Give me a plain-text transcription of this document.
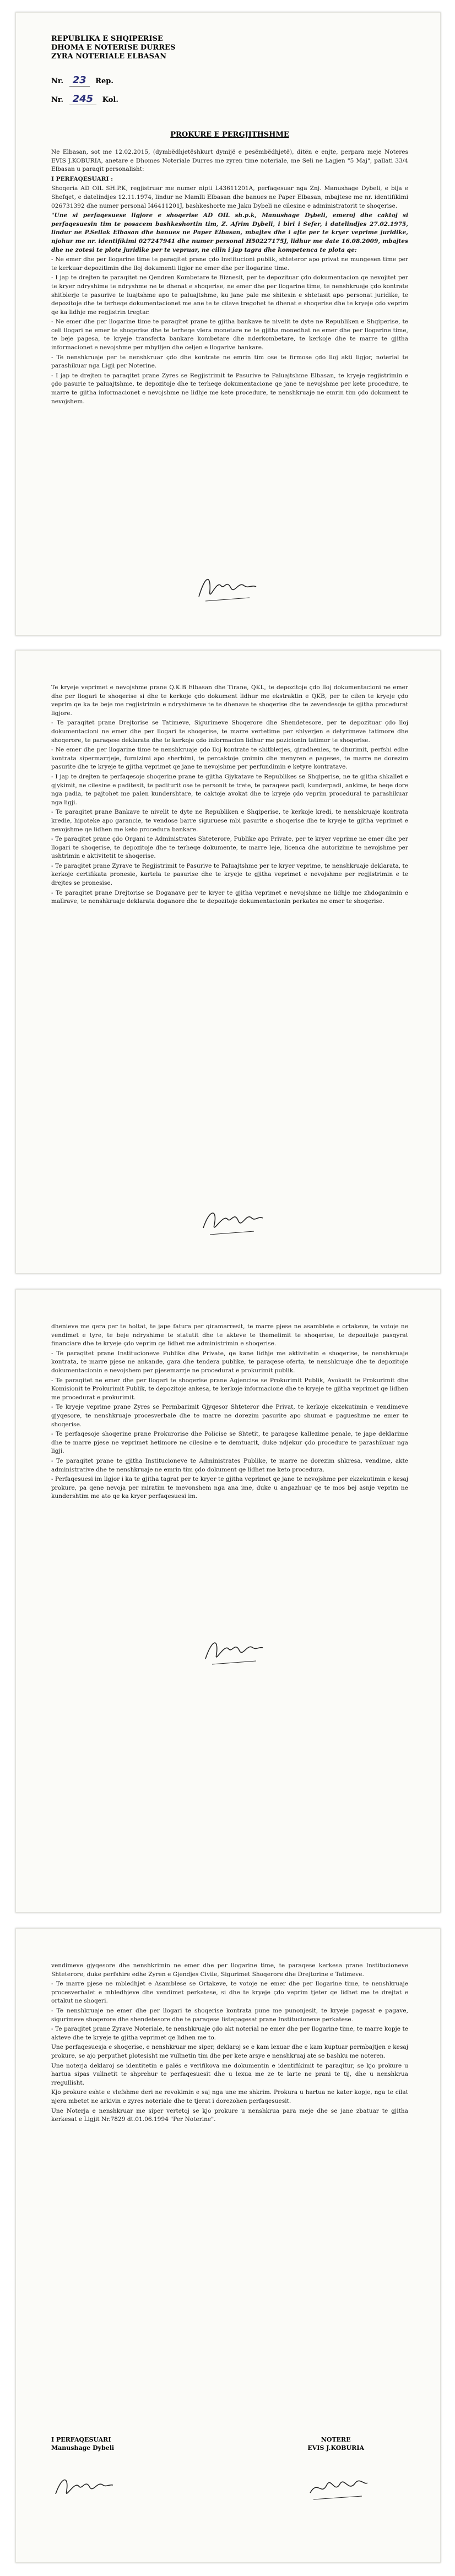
REPUBLIKA E SHQIPERISE
DHOMA E NOTERISE DURRES
ZYRA NOTERIALE ELBASAN
Nr. 23 Rep.
Nr. 245 Kol.
PROKURE E PERGJITHSHME

Ne Elbasan, sot me 12.02.2015, (dymbëdhjetëshkurt dymijë e pesëmbëdhjetë), ditën e enjte, perpara meje Noteres EVIS J.KOBURIA, anetare e Dhomes Noteriale Durres me zyren time noteriale, me Seli ne Lagjen "5 Maj", pallati 33/4 Elbasan u paraqit personalisht:

I PERFAQESUARI :

Shoqeria AD OIL SH.P.K, regjistruar me numer nipti L43611201A, perfaqesuar nga Znj. Manushage Dybeli, e bija e Shefqet, e datelindjes 12.11.1974, lindur ne Mamlli Elbasan dhe banues ne Paper Elbasan, mbajtese me nr. identifikimi 026731392 dhe numer personal I46411201J, bashkeshorte me Jaku Dybeli ne cilesine e administratorit te shoqerise.

"Une si perfaqesuese ligjore e shoqerise AD OIL sh.p.k, Manushage Dybeli, emeroj dhe caktoj si perfaqesuesin tim te posacem bashkeshortin tim, Z. Afrim Dybeli, i biri i Sefer, i datelindjes 27.02.1975, lindur ne P.Sellak Elbasan dhe banues ne Paper Elbasan, mbajtes dhe i afte per te kryer veprime juridike, njohur me nr. identifikimi 027247941 dhe numer personal H50227175J, lidhur me date 16.08.2009, mbajtes dhe ne zotesi te plote juridike per te vepruar, ne cilin i jap tagra dhe kompetenca te plota qe:

- Ne emer dhe per llogarine time te paraqitet prane çdo Institucioni publik, shteteror apo privat ne mungesen time per te kerkuar depozitimin dhe lloj dokumenti ligjor ne emer dhe per llogarine time.

- I jap te drejten te paraqitet ne Qendren Kombetare te Biznesit, per te depozituar çdo dokumentacion qe nevojitet per te kryer ndryshime te ndryshme ne te dhenat e shoqerise, ne emer dhe per llogarine time, te nenshkruaje çdo kontrate shitblerje te pasurive te luajtshme apo te paluajtshme, ku jane pale me shitesin e shtetasit apo personat juridike, te depozitoje dhe te terheqe dokumentacionet me ane te te cilave tregohet te dhenat e shoqerise dhe te kryeje çdo veprim qe ka lidhje me regjistrin tregtar.

- Ne emer dhe per llogarine time te paraqitet prane te gjitha bankave te nivelit te dyte ne Republiken e Shqiperise, te celi llogari ne emer te shoqerise dhe te terheqe vlera monetare ne te gjitha monedhat ne emer dhe per llogarine time, te beje pagesa, te kryeje transferta bankare kombetare dhe nderkombetare, te kerkoje dhe te marre te gjitha informacionet e nevojshme per mbylljen dhe celjen e llogarive bankare.

- Te nenshkruaje per te nenshkruar çdo dhe kontrate ne emrin tim ose te firmose çdo lloj akti ligjor, noterial te parashikuar nga Ligji per Noterine.

- I jap te drejten te paraqitet prane Zyres se Regjistrimit te Pasurive te Paluajtshme Elbasan, te kryeje regjistrimin e çdo pasurie te paluajtshme, te depozitoje dhe te terheqe dokumentacione qe jane te nevojshme per kete procedure, te marre te gjitha informacionet e nevojshme ne lidhje me kete procedure, te nenshkruaje ne emrin tim çdo dokument te nevojshem.

Te kryeje veprimet e nevojshme prane Q.K.B Elbasan dhe Tirane, QKL, te depozitoje çdo lloj dokumentacioni ne emer dhe per llogari te shoqerise si dhe te kerkoje çdo dokument lidhur me ekstraktin e QKB, per te cilen te kryeje çdo veprim qe ka te beje me regjistrimin e ndryshimeve te te dhenave te shoqerise dhe te zevendesoje te gjitha procedurat ligjore.

- Te paraqitet prane Drejtorise se Tatimeve, Sigurimeve Shoqerore dhe Shendetesore, per te depozituar çdo lloj dokumentacioni ne emer dhe per llogari te shoqerise, te marre vertetime per shlyerjen e detyrimeve tatimore dhe shoqerore, te paraqese deklarata dhe te kerkoje çdo informacion lidhur me pozicionin tatimor te shoqerise.

- Ne emer dhe per llogarine time te nenshkruaje çdo lloj kontrate te shitblerjes, qiradhenies, te dhurimit, perfshi edhe kontrata sipermarrjeje, furnizimi apo sherbimi, te percaktoje çmimin dhe menyren e pageses, te marre ne dorezim pasurite dhe te kryeje te gjitha veprimet qe jane te nevojshme per perfundimin e ketyre kontratave.

- I jap te drejten te perfaqesoje shoqerine prane te gjitha Gjykatave te Republikes se Shqiperise, ne te gjitha shkallet e gjykimit, ne cilesine e paditesit, te paditurit ose te personit te trete, te paraqese padi, kunderpadi, ankime, te heqe dore nga padia, te pajtohet me palen kundershtare, te caktoje avokat dhe te kryeje çdo veprim procedural te parashikuar nga ligji.

- Te paraqitet prane Bankave te nivelit te dyte ne Republiken e Shqiperise, te kerkoje kredi, te nenshkruaje kontrata kredie, hipoteke apo garancie, te vendose barre siguruese mbi pasurite e shoqerise dhe te kryeje te gjitha veprimet e nevojshme qe lidhen me keto procedura bankare.

- Te paraqitet prane çdo Organi te Administrates Shteterore, Publike apo Private, per te kryer veprime ne emer dhe per llogari te shoqerise, te depozitoje dhe te terheqe dokumente, te marre leje, licenca dhe autorizime te nevojshme per ushtrimin e aktivitetit te shoqerise.

- Te paraqitet prane Zyrave te Regjistrimit te Pasurive te Paluajtshme per te kryer veprime, te nenshkruaje deklarata, te kerkoje certifikata pronesie, kartela te pasurise dhe te kryeje te gjitha veprimet e nevojshme per regjistrimin e te drejtes se pronesise.

- Te paraqitet prane Drejtorise se Doganave per te kryer te gjitha veprimet e nevojshme ne lidhje me zhdoganimin e mallrave, te nenshkruaje deklarata doganore dhe te depozitoje dokumentacionin perkates ne emer te shoqerise.

dhenieve me qera per te holtat, te jape fatura per qiramarresit, te marre pjese ne asamblete e ortakeve, te votoje ne vendimet e tyre, te beje ndryshime te statutit dhe te akteve te themelimit te shoqerise, te depozitoje pasqyrat financiare dhe te kryeje çdo veprim qe lidhet me administrimin e shoqerise.

- Te paraqitet prane Institucioneve Publike dhe Private, qe kane lidhje me aktivitetin e shoqerise, te nenshkruaje kontrata, te marre pjese ne ankande, gara dhe tendera publike, te paraqese oferta, te nenshkruaje dhe te depozitoje dokumentacionin e nevojshem per pjesemarrje ne procedurat e prokurimit publik.

- Te paraqitet ne emer dhe per llogari te shoqerise prane Agjencise se Prokurimit Publik, Avokatit te Prokurimit dhe Komisionit te Prokurimit Publik, te depozitoje ankesa, te kerkoje informacione dhe te kryeje te gjitha veprimet qe lidhen me procedurat e prokurimit.

- Te kryeje veprime prane Zyres se Permbarimit Gjyqesor Shteteror dhe Privat, te kerkoje ekzekutimin e vendimeve gjyqesore, te nenshkruaje procesverbale dhe te marre ne dorezim pasurite apo shumat e pagueshme ne emer te shoqerise.

- Te perfaqesoje shoqerine prane Prokurorise dhe Policise se Shtetit, te paraqese kallezime penale, te jape deklarime dhe te marre pjese ne veprimet hetimore ne cilesine e te demtuarit, duke ndjekur çdo procedure te parashikuar nga ligji.

- Te paraqitet prane te gjitha Institucioneve te Administrates Publike, te marre ne dorezim shkresa, vendime, akte administrative dhe te nenshkruaje ne emrin tim çdo dokument qe lidhet me keto procedura.

- Perfaqesuesi im ligjor i ka te gjitha tagrat per te kryer te gjitha veprimet qe jane te nevojshme per ekzekutimin e kesaj prokure, pa qene nevoja per miratim te mevonshem nga ana ime, duke u angazhuar qe te mos bej asnje veprim ne kundershtim me ato qe ka kryer perfaqesuesi im.

vendimeve gjyqesore dhe nenshkrimin ne emer dhe per llogarine time, te paraqese kerkesa prane Institucioneve Shteterore, duke perfshire edhe Zyren e Gjendjes Civile, Sigurimet Shoqerore dhe Drejtorine e Tatimeve.

- Te marre pjese ne mbledhjet e Asamblese se Ortakeve, te votoje ne emer dhe per llogarine time, te nenshkruaje procesverbalet e mbledhjeve dhe vendimet perkatese, si dhe te kryeje çdo veprim tjeter qe lidhet me te drejtat e ortakut ne shoqeri.

- Te nenshkruaje ne emer dhe per llogari te shoqerise kontrata pune me punonjesit, te kryeje pagesat e pagave, sigurimeve shoqerore dhe shendetesore dhe te paraqese listepagesat prane Institucioneve perkatese.

- Te paraqitet prane Zyrave Noteriale, te nenshkruaje çdo akt noterial ne emer dhe per llogarine time, te marre kopje te akteve dhe te kryeje te gjitha veprimet qe lidhen me to.

Une perfaqesuesja e shoqerise, e nenshkruar me siper, deklaroj se e kam lexuar dhe e kam kuptuar permbajtjen e kesaj prokure, se ajo perputhet plotesisht me vullnetin tim dhe per kete arsye e nenshkruaj ate se bashku me noteren.

Une noterja deklaroj se identitetin e palës e verifikova me dokumentin e identifikimit te paraqitur, se kjo prokure u hartua sipas vullnetit te shprehur te perfaqesuesit dhe u lexua me ze te larte ne prani te tij, dhe u nenshkrua rregullisht.

Kjo prokure eshte e vlefshme deri ne revokimin e saj nga une me shkrim. Prokura u hartua ne kater kopje, nga te cilat njera mbetet ne arkivin e zyres noteriale dhe te tjerat i dorezohen perfaqesuesit.

Une Noterja e nenshkruar me siper vertetoj se kjo prokure u nenshkrua para meje dhe se jane zbatuar te gjitha kerkesat e Ligjit Nr.7829 dt.01.06.1994 "Per Noterine".

I PERFAQESUARI
Manushage Dybeli
NOTERE
EVIS J.KOBURIA
